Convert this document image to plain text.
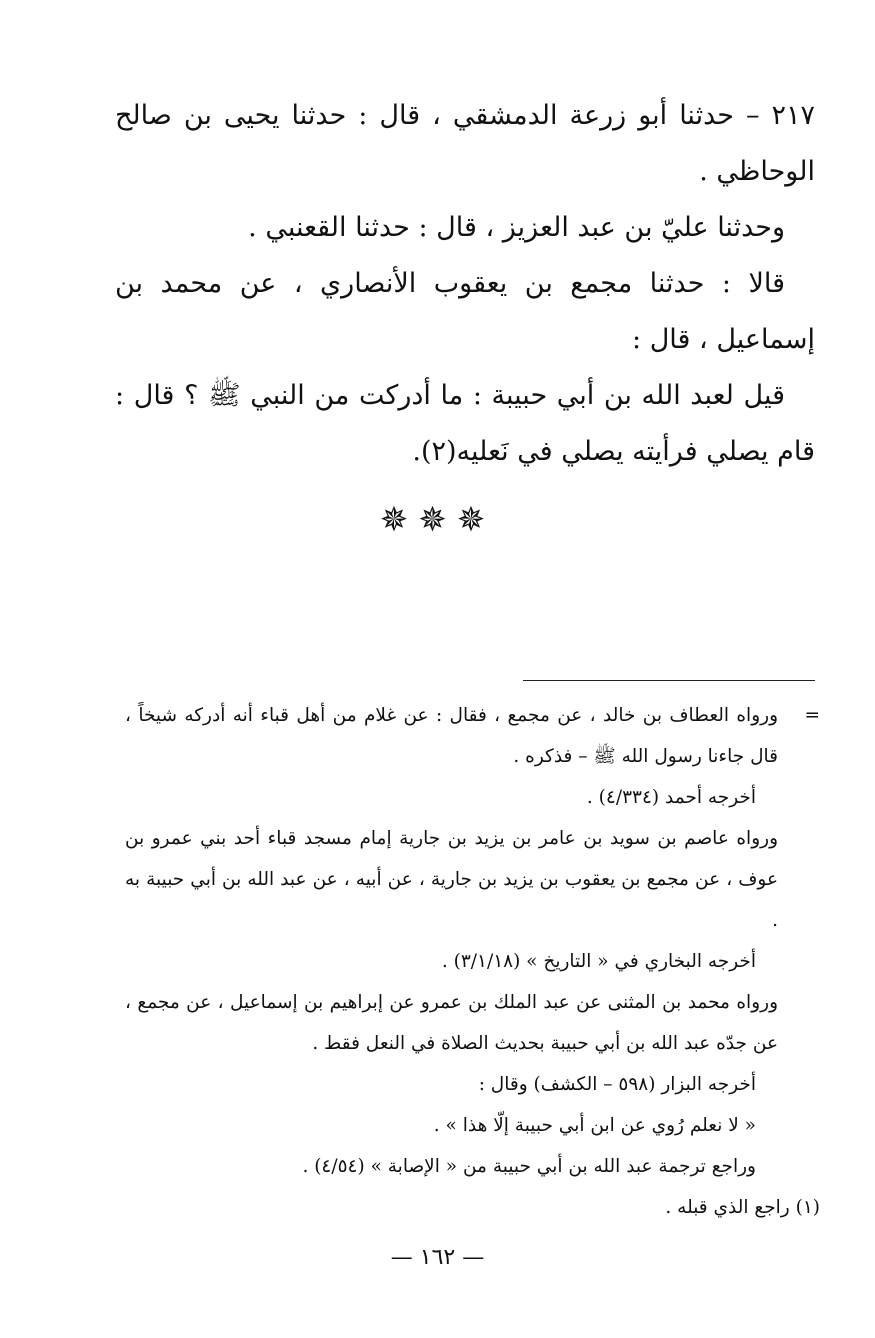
٢١٧ – حدثنا أبو زرعة الدمشقي ، قال : حدثنا يحيى بن صالح الوحاظي .

وحدثنا عليّ بن عبد العزيز ، قال : حدثنا القعنبي .

قالا : حدثنا مجمع بن يعقوب الأنصاري ، عن محمد بن إسماعيل ، قال :

قيل لعبد الله بن أبي حبيبة : ما أدركت من النبي ﷺ ؟ قال : قام يصلي فرأيته يصلي في نَعليه(٢).

✵✵✵

=
ورواه العطاف بن خالد ، عن مجمع ، فقال : عن غلام من أهل قباء أنه أدركه شيخاً ، قال جاءنا رسول الله ﷺ – فذكره .

أخرجه أحمد (٤/٣٣٤) .

ورواه عاصم بن سويد بن عامر بن يزيد بن جارية إمام مسجد قباء أحد بني عمرو بن عوف ، عن مجمع بن يعقوب بن يزيد بن جارية ، عن أبيه ، عن عبد الله بن أبي حبيبة به .

أخرجه البخاري في « التاريخ » (٣/١/١٨) .

ورواه محمد بن المثنى عن عبد الملك بن عمرو عن إبراهيم بن إسماعيل ، عن مجمع ، عن جدّه عبد الله بن أبي حبيبة بحديث الصلاة في النعل فقط .

أخرجه البزار (٥٩٨ – الكشف) وقال :

« لا نعلم رُوي عن ابن أبي حبيبة إلّا هذا » .

وراجع ترجمة عبد الله بن أبي حبيبة من « الإصابة » (٤/٥٤) .

(١) راجع الذي قبله .

— ١٦٢ —
